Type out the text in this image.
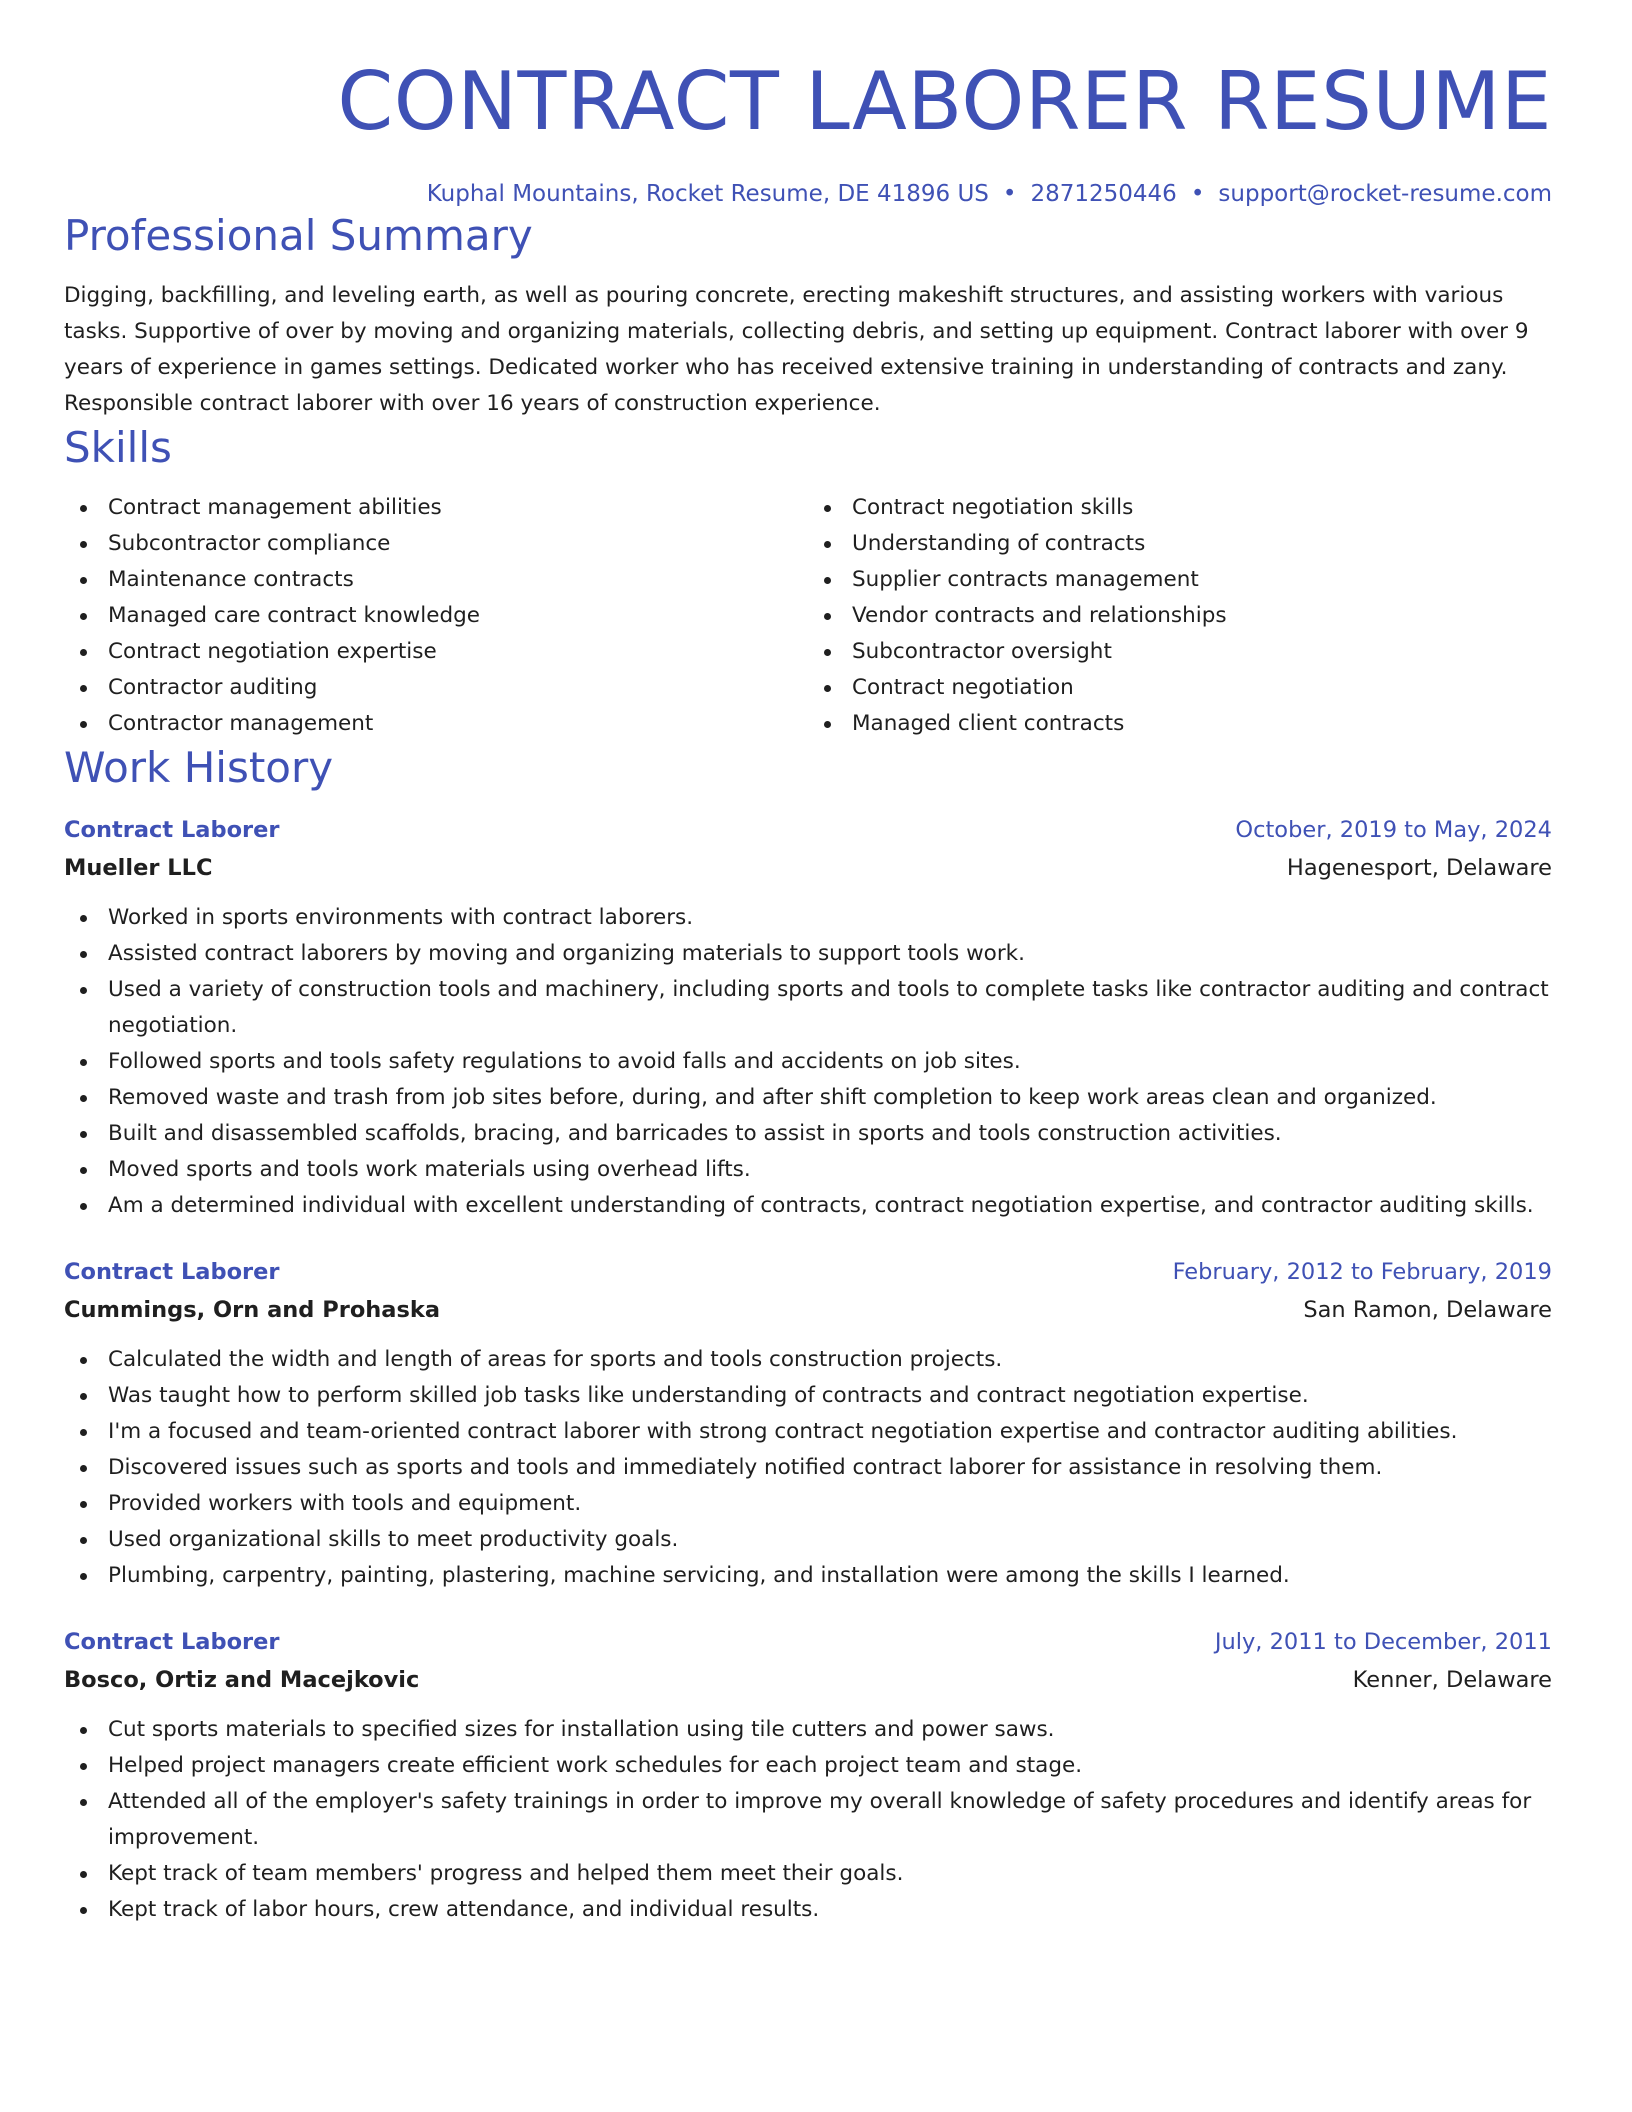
CONTRACT LABORER RESUME
Kuphal Mountains, Rocket Resume, DE 41896 US • 2871250446 • support@rocket-resume.com
Professional Summary
Digging, backfilling, and leveling earth, as well as pouring concrete, erecting makeshift structures, and assisting workers with various tasks. Supportive of over by moving and organizing materials, collecting debris, and setting up equipment. Contract laborer with over 9 years of experience in games settings. Dedicated worker who has received extensive training in understanding of contracts and zany. Responsible contract laborer with over 16 years of construction experience.
Skills
Contract management abilities
Subcontractor compliance
Maintenance contracts
Managed care contract knowledge
Contract negotiation expertise
Contractor auditing
Contractor management
Contract negotiation skills
Understanding of contracts
Supplier contracts management
Vendor contracts and relationships
Subcontractor oversight
Contract negotiation
Managed client contracts
Work History
Contract Laborer	October, 2019 to May, 2024
Mueller LLC	Hagenesport, Delaware
Worked in sports environments with contract laborers.
Assisted contract laborers by moving and organizing materials to support tools work.
Used a variety of construction tools and machinery, including sports and tools to complete tasks like contractor auditing and contract negotiation.
Followed sports and tools safety regulations to avoid falls and accidents on job sites.
Removed waste and trash from job sites before, during, and after shift completion to keep work areas clean and organized.
Built and disassembled scaffolds, bracing, and barricades to assist in sports and tools construction activities.
Moved sports and tools work materials using overhead lifts.
Am a determined individual with excellent understanding of contracts, contract negotiation expertise, and contractor auditing skills.
Contract Laborer	February, 2012 to February, 2019
Cummings, Orn and Prohaska	San Ramon, Delaware
Calculated the width and length of areas for sports and tools construction projects.
Was taught how to perform skilled job tasks like understanding of contracts and contract negotiation expertise.
I'm a focused and team-oriented contract laborer with strong contract negotiation expertise and contractor auditing abilities.
Discovered issues such as sports and tools and immediately notified contract laborer for assistance in resolving them.
Provided workers with tools and equipment.
Used organizational skills to meet productivity goals.
Plumbing, carpentry, painting, plastering, machine servicing, and installation were among the skills I learned.
Contract Laborer	July, 2011 to December, 2011
Bosco, Ortiz and Macejkovic	Kenner, Delaware
Cut sports materials to specified sizes for installation using tile cutters and power saws.
Helped project managers create efficient work schedules for each project team and stage.
Attended all of the employer's safety trainings in order to improve my overall knowledge of safety procedures and identify areas for improvement.
Kept track of team members' progress and helped them meet their goals.
Kept track of labor hours, crew attendance, and individual results.
